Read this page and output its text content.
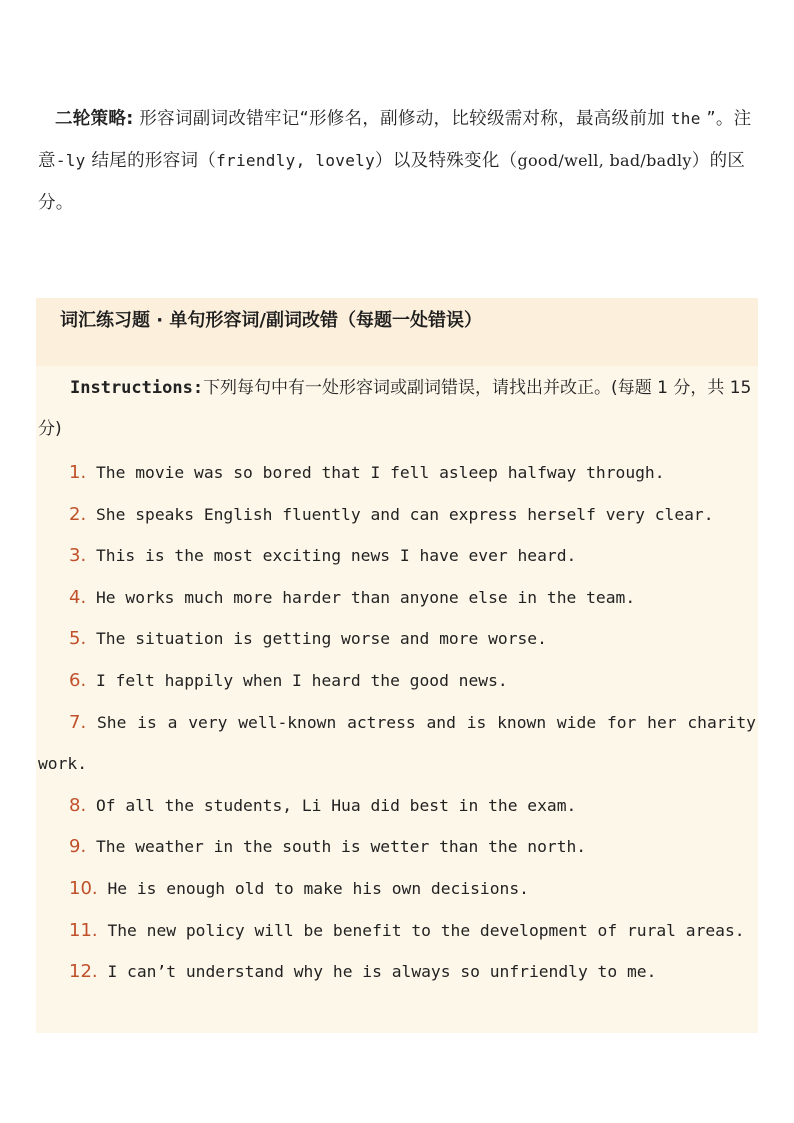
二轮策略: 形容词副词改错牢记“形修名，副修动，比较级需对称，最高级前加 the ”。注意-ly 结尾的形容词（friendly, lovely）以及特殊变化（good/well, bad/badly）的区分。
词汇练习题 · 单句形容词/副词改错（每题一处错误）
Instructions:下列每句中有一处形容词或副词错误，请找出并改正。(每题 1 分，共 15 分)
1. The movie was so bored that I fell asleep halfway through.
2. She speaks English fluently and can express herself very clear.
3. This is the most exciting news I have ever heard.
4. He works much more harder than anyone else in the team.
5. The situation is getting worse and more worse.
6. I felt happily when I heard the good news.
7. She is a very well-known actress and is known wide for her charity work.
8. Of all the students, Li Hua did best in the exam.
9. The weather in the south is wetter than the north.
10. He is enough old to make his own decisions.
11. The new policy will be benefit to the development of rural areas.
12. I can’t understand why he is always so unfriendly to me.
